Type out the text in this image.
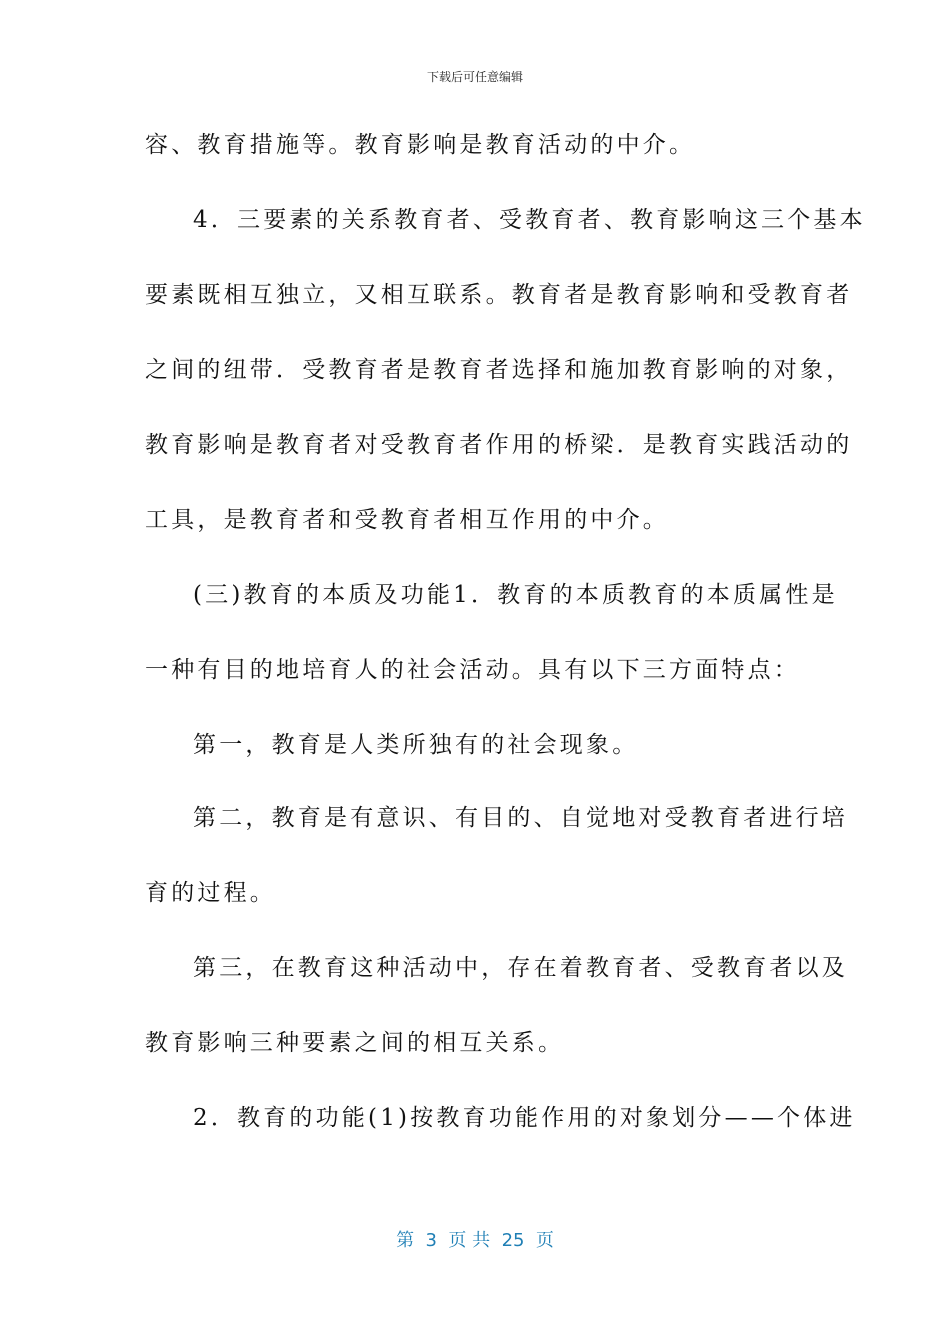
下载后可任意编辑
容、教育措施等。教育影响是教育活动的中介。
4．三要素的关系教育者、受教育者、教育影响这三个基本
要素既相互独立，又相互联系。教育者是教育影响和受教育者
之间的纽带．受教育者是教育者选择和施加教育影响的对象，
教育影响是教育者对受教育者作用的桥梁．是教育实践活动的
工具，是教育者和受教育者相互作用的中介。
(三)教育的本质及功能1．教育的本质教育的本质属性是
一种有目的地培育人的社会活动。具有以下三方面特点：
第一，教育是人类所独有的社会现象。
第二，教育是有意识、有目的、自觉地对受教育者进行培
育的过程。
第三，在教育这种活动中，存在着教育者、受教育者以及
教育影响三种要素之间的相互关系。
2．教育的功能(1)按教育功能作用的对象划分——个体进
第  3  页 共  25  页
